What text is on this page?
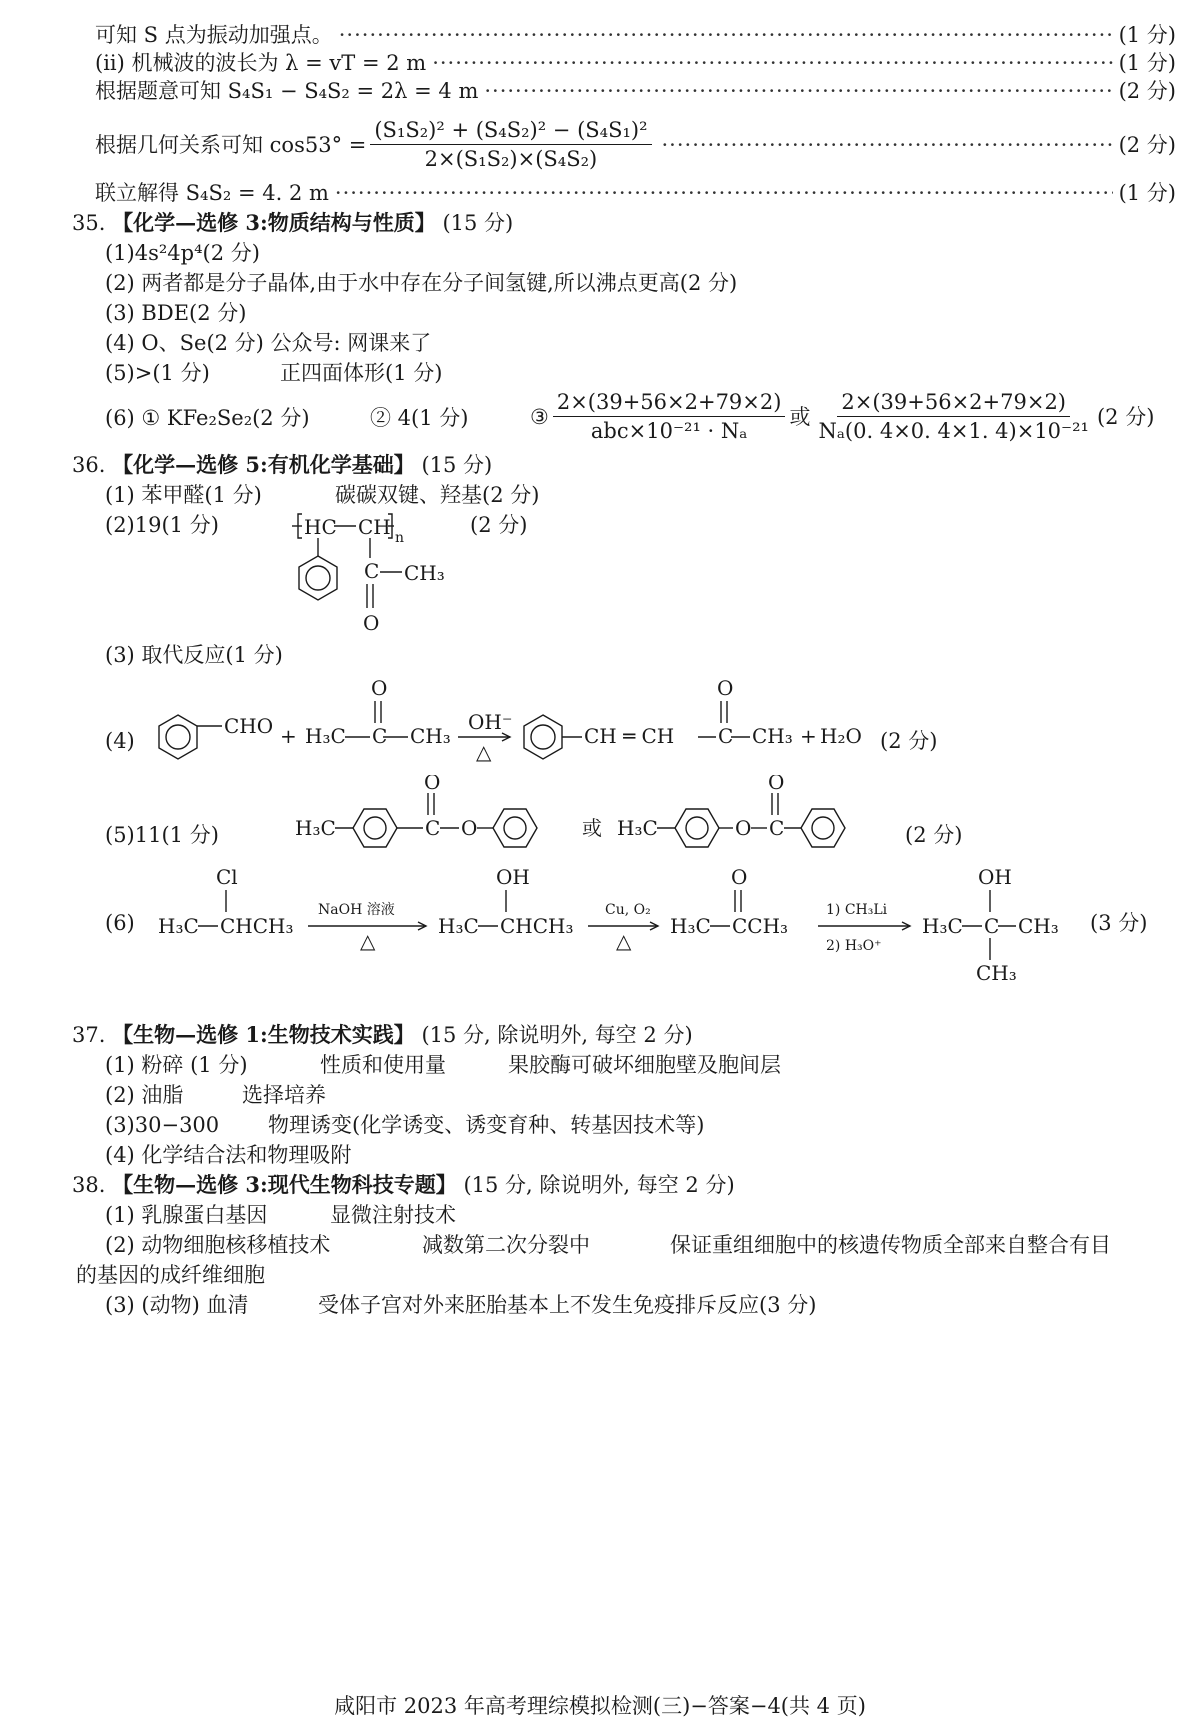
可知 S 点为振动加强点。 ·····	(1 分)
(ii) 机械波的波长为 λ = vT = 2 m ·····	(1 分)
根据题意可知 S₄S₁ − S₄S₂ = 2λ = 4 m ·····	(2 分)
根据几何关系可知 $\cos 53^\circ = \frac{\text{(S₁S₂)² + (S₄S₂)² − (S₄S₁)²}}{\text{2×(S₁S₂)×(S₄S₂)}}$ ·····	(2 分)
联立解得 S₄S₂ = 4. 2 m ·····	(1 分)
35. 【化学—选修 3:物质结构与性质】 (15 分)
(1)4s²4p⁴(2 分)
(2) 两者都是分子晶体,由于水中存在分子间氢键,所以沸点更高(2 分)
(3) BDE(2 分)
(4) O、Se(2 分) 公众号: 网课来了
(5)>(1 分)	正四面体形(1 分)
(6) ① KFe₂Se₂(2 分)	② 4(1 分)	③ $\frac{2\times(39+56\times 2+79\times 2)}{\text{abc×10⁻²¹ · Nₐ}}$ 或 $\frac{2\times(39+56\times 2+79\times 2)}{\text{Nₐ(0. 4×0. 4×1. 4)×10⁻²¹}} (2$ 分)
36. 【化学—选修 5:有机化学基础】 (15 分)
(1) 苯甲醛(1 分)	碳碳双键、羟基(2 分)
(2)19(1 分)	(2 分)
HC CH n
C CH₃
O
(3) 取代反应(1 分)
(4)
CHO + H₃C C CH₃
O
OH⁻
△
CH ═ CH C CH₃
O
+ H₂O (2 分)
(5)11(1 分)	H₃C	C
O
O	或 H₃C	O C
O
(2 分)
(6) H₃C CHCH₃
Cl
NaOH 溶液
△
H₃C CHCH₃
OH
Cu, O₂
△
H₃C CCH₃
O
1) CH₃Li
2) H₃O⁺
H₃C C CH₃
OH
CH₃
(3 分)
37. 【生物—选修 1:生物技术实践】 (15 分, 除说明外, 每空 2 分)
(1) 粉碎 (1 分)	性质和使用量	果胶酶可破坏细胞壁及胞间层
(2) 油脂	选择培养
(3)30−300 物理诱变(化学诱变、诱变育种、转基因技术等)
(4) 化学结合法和物理吸附
38. 【生物—选修 3:现代生物科技专题】 (15 分, 除说明外, 每空 2 分)
(1) 乳腺蛋白基因	显微注射技术
(2) 动物细胞核移植技术	减数第二次分裂中	保证重组细胞中的核遗传物质全部来自整合有目
的基因的成纤维细胞
(3) (动物) 血清	受体子宫对外来胚胎基本上不发生免疫排斥反应(3 分)
咸阳市 2023 年高考理综模拟检测(三)−答案−4(共 4 页)
